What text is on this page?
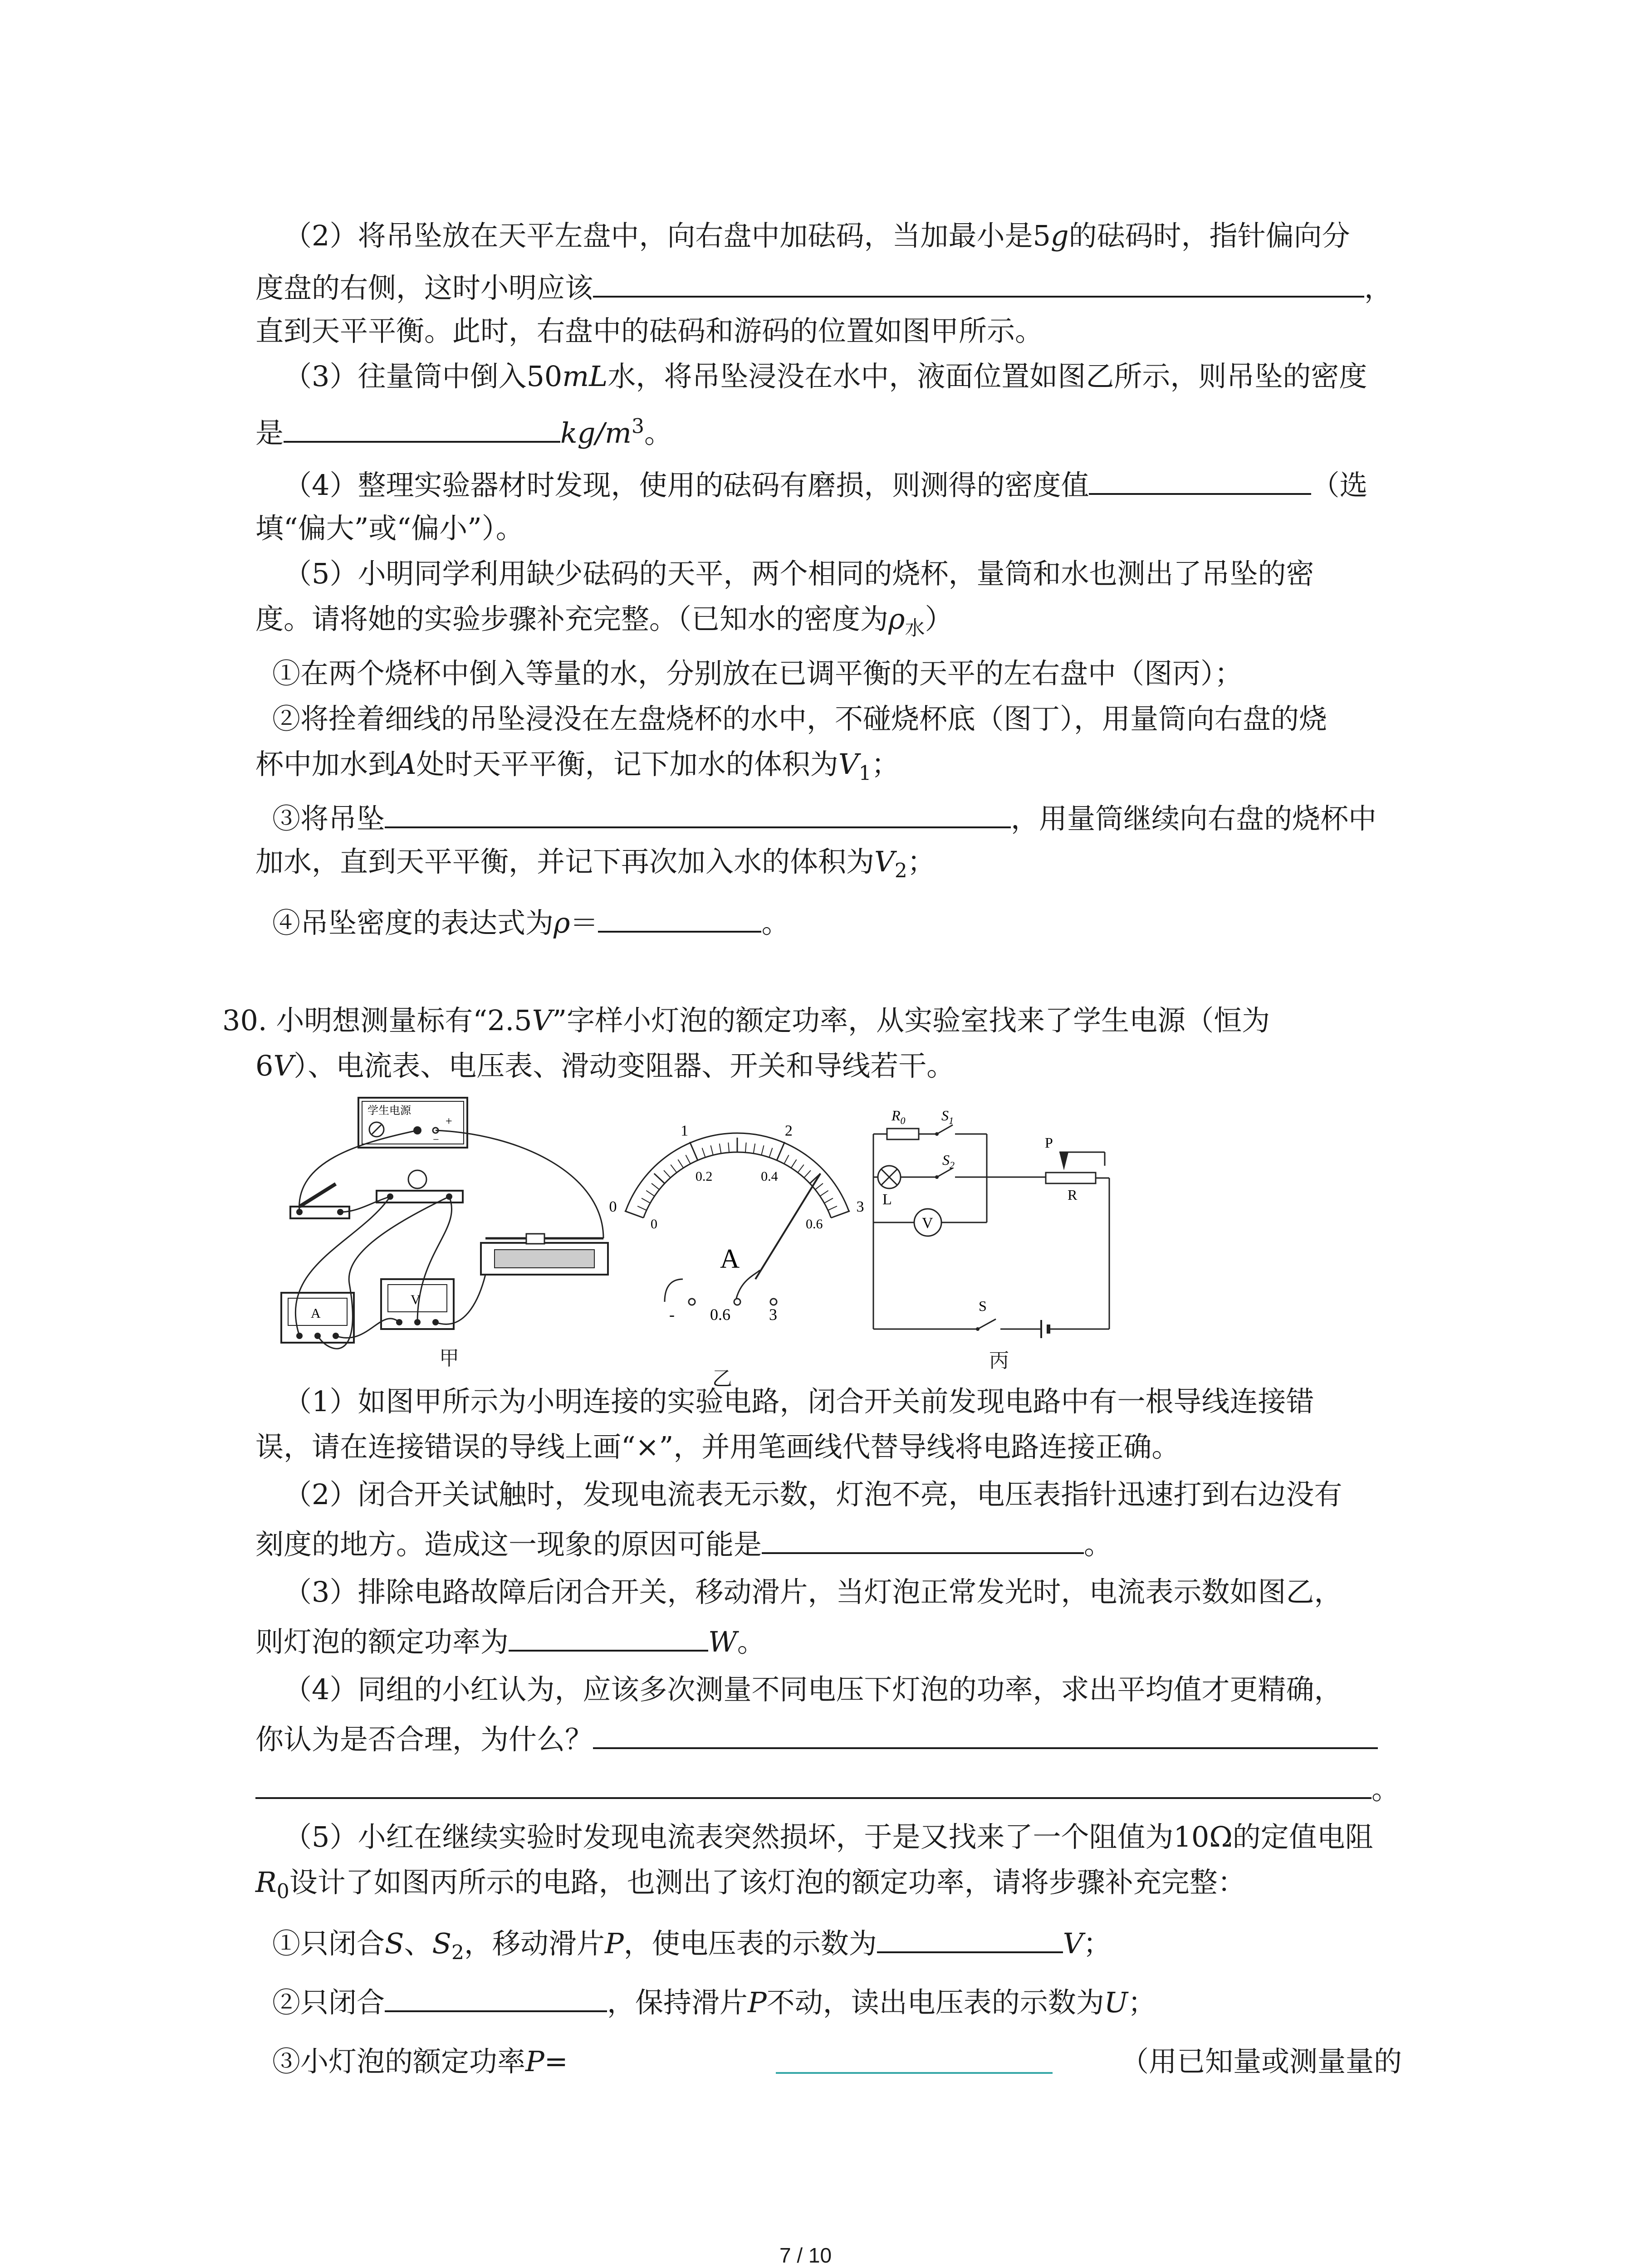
（2）将吊坠放在天平左盘中，向右盘中加砝码，当加最小是5g的砝码时，指针偏向分
度盘的右侧，这时小明应该	，
直到天平平衡。此时，右盘中的砝码和游码的位置如图甲所示。
（3）往量筒中倒入50mL水，将吊坠浸没在水中，液面位置如图乙所示，则吊坠的密度
是	$kg/m^3$。
（4）整理实验器材时发现，使用的砝码有磨损，则测得的密度值	（选
填“偏大”或“偏小”）。
（5）小明同学利用缺少砝码的天平，两个相同的烧杯，量筒和水也测出了吊坠的密
度。请将她的实验步骤补充完整。（已知水的密度为$\rho_水$）
①在两个烧杯中倒入等量的水，分别放在已调平衡的天平的左右盘中（图丙）；
②将拴着细线的吊坠浸没在左盘烧杯的水中，不碰烧杯底（图丁），用量筒向右盘的烧
杯中加水到A处时天平平衡，记下加水的体积为$V_1$；
③将吊坠	，用量筒继续向右盘的烧杯中
加水，直到天平平衡，并记下再次加入水的体积为$V_2$；
④吊坠密度的表达式为ρ＝	。
30. 小明想测量标有“2.5V”字样小灯泡的额定功率，从实验室找来了学生电源（恒为
6V）、电流表、电压表、滑动变阻器、开关和导线若干。
学生电源
+
−
A
V
甲
0
1	2
3
0
0.2	0.4
0.6
A
- 0.6 3
乙
$R_0$ $S_1$
$S_2$
P
R
L
V
S
丙
（1）如图甲所示为小明连接的实验电路，闭合开关前发现电路中有一根导线连接错
误，请在连接错误的导线上画“×”，并用笔画线代替导线将电路连接正确。
（2）闭合开关试触时，发现电流表无示数，灯泡不亮，电压表指针迅速打到右边没有
刻度的地方。造成这一现象的原因可能是	。
（3）排除电路故障后闭合开关，移动滑片，当灯泡正常发光时，电流表示数如图乙，
则灯泡的额定功率为	W。
（4）同组的小红认为，应该多次测量不同电压下灯泡的功率，求出平均值才更精确，
你认为是否合理，为什么？
。
（5）小红在继续实验时发现电流表突然损坏，于是又找来了一个阻值为10Ω的定值电阻
$R_0$设计了如图丙所示的电路，也测出了该灯泡的额定功率，请将步骤补充完整：
①只闭合S、$S_2$，移动滑片P，使电压表的示数为	V；
②只闭合	，保持滑片P不动，读出电压表的示数为U；
③小灯泡的额定功率P=	（用已知量或测量量的
7 / 10
